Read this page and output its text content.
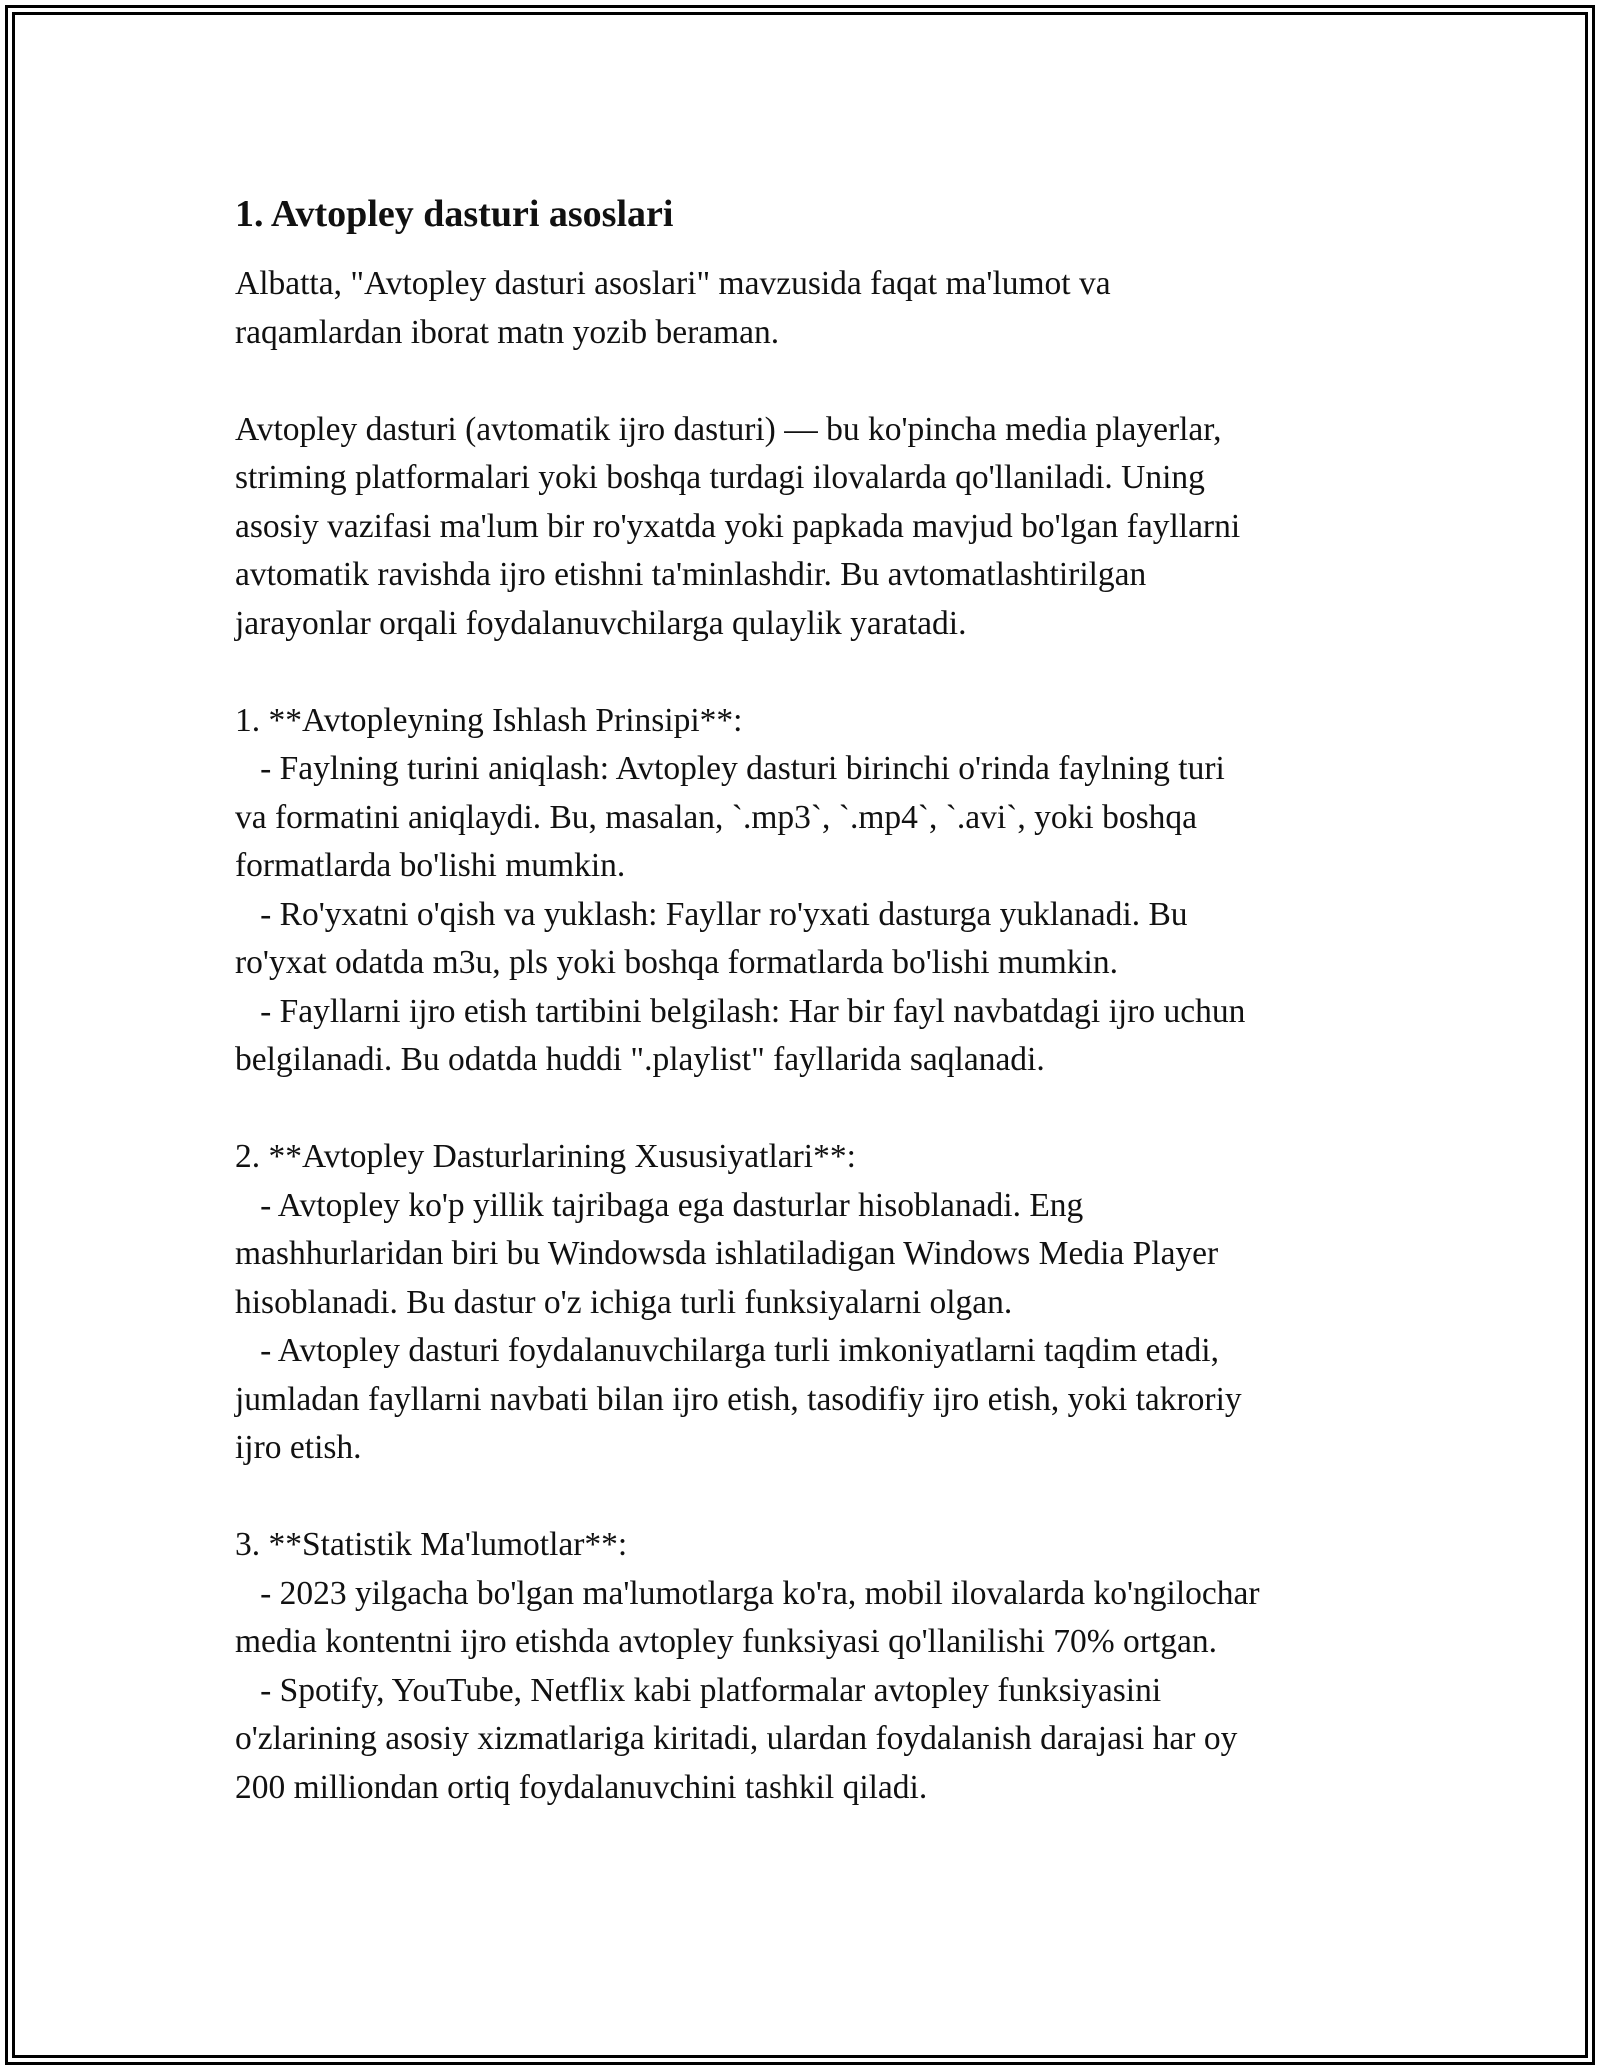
1. Avtopley dasturi asoslari

Albatta, "Avtopley dasturi asoslari" mavzusida faqat ma'lumot va
raqamlardan iborat matn yozib beraman.

Avtopley dasturi (avtomatik ijro dasturi) — bu ko'pincha media playerlar,
striming platformalari yoki boshqa turdagi ilovalarda qo'llaniladi. Uning
asosiy vazifasi ma'lum bir ro'yxatda yoki papkada mavjud bo'lgan fayllarni
avtomatik ravishda ijro etishni ta'minlashdir. Bu avtomatlashtirilgan
jarayonlar orqali foydalanuvchilarga qulaylik yaratadi.

1. **Avtopleyning Ishlash Prinsipi**:
- Faylning turini aniqlash: Avtopley dasturi birinchi o'rinda faylning turi
va formatini aniqlaydi. Bu, masalan, `.mp3`, `.mp4`, `.avi`, yoki boshqa
formatlarda bo'lishi mumkin.
- Ro'yxatni o'qish va yuklash: Fayllar ro'yxati dasturga yuklanadi. Bu
ro'yxat odatda m3u, pls yoki boshqa formatlarda bo'lishi mumkin.
- Fayllarni ijro etish tartibini belgilash: Har bir fayl navbatdagi ijro uchun
belgilanadi. Bu odatda huddi ".playlist" fayllarida saqlanadi.

2. **Avtopley Dasturlarining Xususiyatlari**:
- Avtopley ko'p yillik tajribaga ega dasturlar hisoblanadi. Eng
mashhurlaridan biri bu Windowsda ishlatiladigan Windows Media Player
hisoblanadi. Bu dastur o'z ichiga turli funksiyalarni olgan.
- Avtopley dasturi foydalanuvchilarga turli imkoniyatlarni taqdim etadi,
jumladan fayllarni navbati bilan ijro etish, tasodifiy ijro etish, yoki takroriy
ijro etish.

3. **Statistik Ma'lumotlar**:
- 2023 yilgacha bo'lgan ma'lumotlarga ko'ra, mobil ilovalarda ko'ngilochar
media kontentni ijro etishda avtopley funksiyasi qo'llanilishi 70% ortgan.
- Spotify, YouTube, Netflix kabi platformalar avtopley funksiyasini
o'zlarining asosiy xizmatlariga kiritadi, ulardan foydalanish darajasi har oy
200 milliondan ortiq foydalanuvchini tashkil qiladi.
